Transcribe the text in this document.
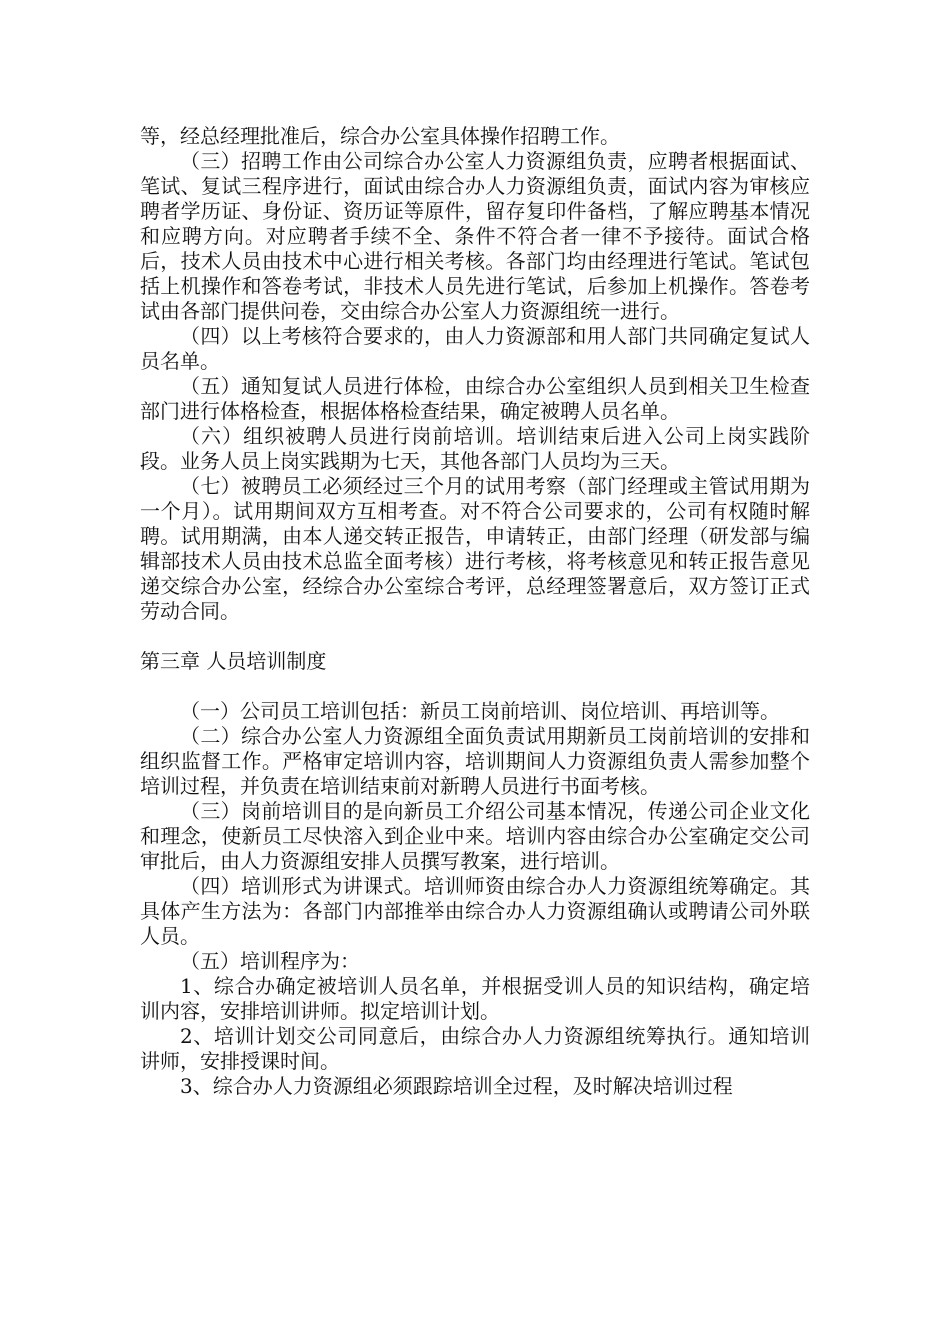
等，经总经理批准后，综合办公室具体操作招聘工作。

（三）招聘工作由公司综合办公室人力资源组负责，应聘者根据面试、笔试、复试三程序进行，面试由综合办人力资源组负责，面试内容为审核应聘者学历证、身份证、资历证等原件，留存复印件备档，了解应聘基本情况和应聘方向。对应聘者手续不全、条件不符合者一律不予接待。面试合格后，技术人员由技术中心进行相关考核。各部门均由经理进行笔试。笔试包括上机操作和答卷考试，非技术人员先进行笔试，后参加上机操作。答卷考试由各部门提供问卷，交由综合办公室人力资源组统一进行。

（四）以上考核符合要求的，由人力资源部和用人部门共同确定复试人员名单。

（五）通知复试人员进行体检，由综合办公室组织人员到相关卫生检查部门进行体格检查，根据体格检查结果，确定被聘人员名单。

（六）组织被聘人员进行岗前培训。培训结束后进入公司上岗实践阶段。业务人员上岗实践期为七天，其他各部门人员均为三天。

（七）被聘员工必须经过三个月的试用考察（部门经理或主管试用期为一个月）。试用期间双方互相考查。对不符合公司要求的，公司有权随时解聘。试用期满，由本人递交转正报告，申请转正，由部门经理（研发部与编辑部技术人员由技术总监全面考核）进行考核，将考核意见和转正报告意见递交综合办公室，经综合办公室综合考评，总经理签署意后，双方签订正式劳动合同。

第三章 人员培训制度

（一）公司员工培训包括：新员工岗前培训、岗位培训、再培训等。

（二）综合办公室人力资源组全面负责试用期新员工岗前培训的安排和组织监督工作。严格审定培训内容，培训期间人力资源组负责人需参加整个培训过程，并负责在培训结束前对新聘人员进行书面考核。

（三）岗前培训目的是向新员工介绍公司基本情况，传递公司企业文化和理念，使新员工尽快溶入到企业中来。培训内容由综合办公室确定交公司审批后，由人力资源组安排人员撰写教案，进行培训。

（四）培训形式为讲课式。培训师资由综合办人力资源组统筹确定。其具体产生方法为：各部门内部推举由综合办人力资源组确认或聘请公司外联人员。

（五）培训程序为：

1、综合办确定被培训人员名单，并根据受训人员的知识结构，确定培训内容，安排培训讲师。拟定培训计划。

2、培训计划交公司同意后，由综合办人力资源组统筹执行。通知培训讲师，安排授课时间。

3、综合办人力资源组必须跟踪培训全过程，及时解决培训过程
